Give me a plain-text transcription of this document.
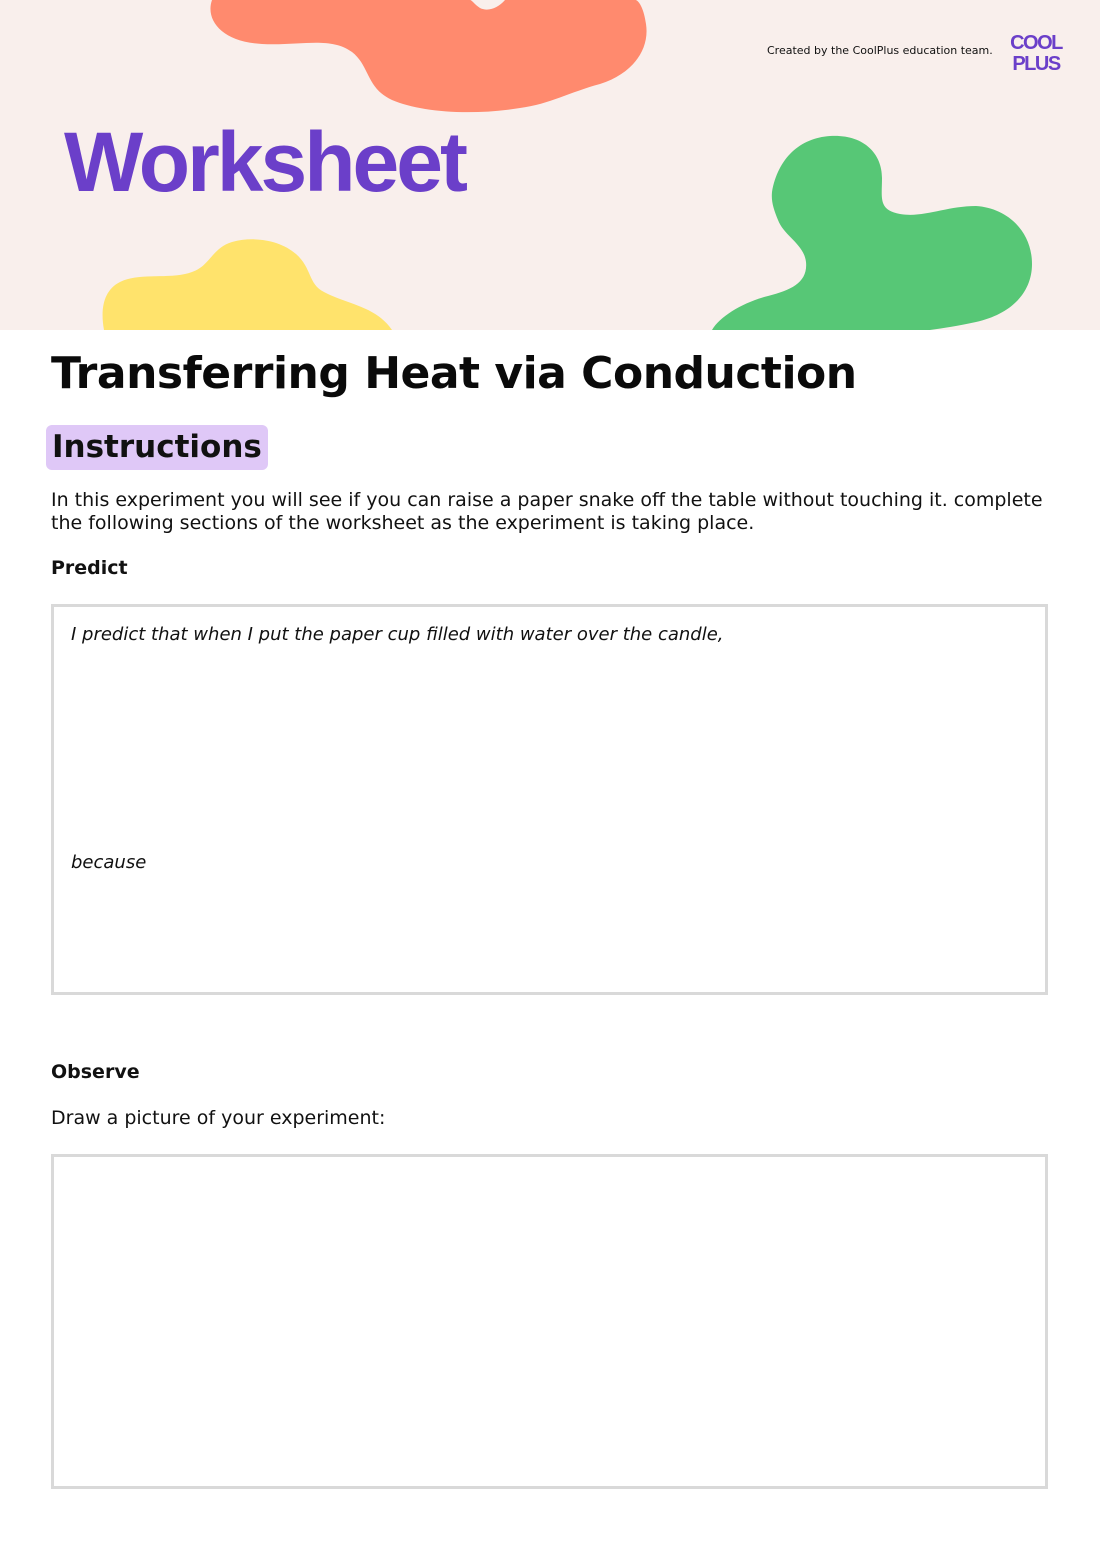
Created by the CoolPlus education team. COOL
PLUS
Worksheet
Transferring Heat via Conduction
Instructions
In this experiment you will see if you can raise a paper snake off the table without touching it. complete the following sections of the worksheet as the experiment is taking place.
Predict
I predict that when I put the paper cup filled with water over the candle,
because
Observe
Draw a picture of your experiment:
